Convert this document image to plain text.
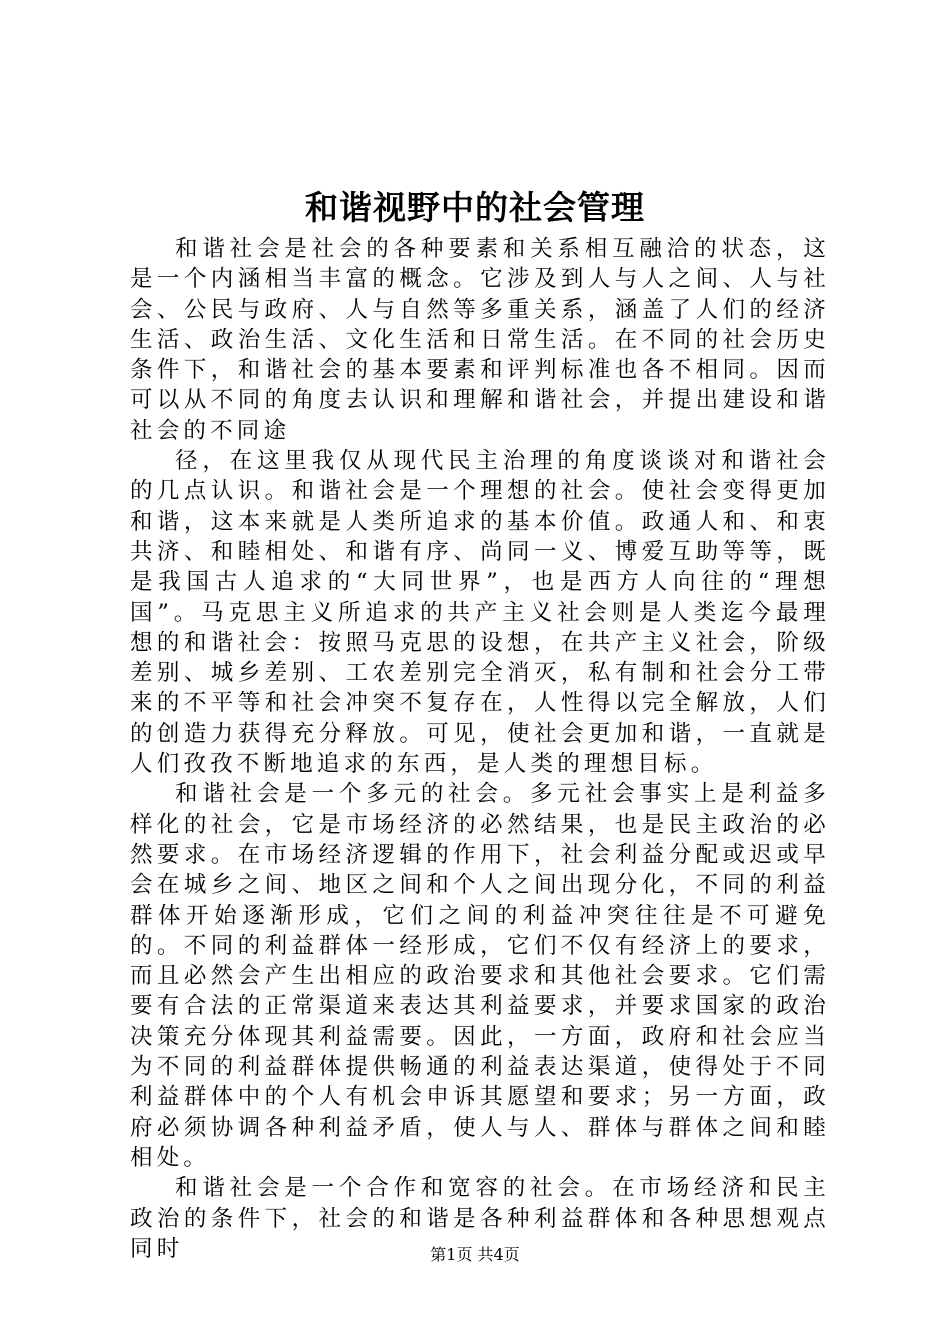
和谐视野中的社会管理

和谐社会是社会的各种要素和关系相互融洽的状态，这是一个内涵相当丰富的概念。它涉及到人与人之间、人与社会、公民与政府、人与自然等多重关系，涵盖了人们的经济生活、政治生活、文化生活和日常生活。在不同的社会历史条件下，和谐社会的基本要素和评判标准也各不相同。因而可以从不同的角度去认识和理解和谐社会，并提出建设和谐社会的不同途

径，在这里我仅从现代民主治理的角度谈谈对和谐社会的几点认识。和谐社会是一个理想的社会。使社会变得更加和谐，这本来就是人类所追求的基本价值。政通人和、和衷共济、和睦相处、和谐有序、尚同一义、博爱互助等等，既是我国古人追求的“大同世界”，也是西方人向往的“理想国”。马克思主义所追求的共产主义社会则是人类迄今最理想的和谐社会：按照马克思的设想，在共产主义社会，阶级差别、城乡差别、工农差别完全消灭，私有制和社会分工带来的不平等和社会冲突不复存在，人性得以完全解放，人们的创造力获得充分释放。可见，使社会更加和谐，一直就是人们孜孜不断地追求的东西，是人类的理想目标。

和谐社会是一个多元的社会。多元社会事实上是利益多样化的社会，它是市场经济的必然结果，也是民主政治的必然要求。在市场经济逻辑的作用下，社会利益分配或迟或早会在城乡之间、地区之间和个人之间出现分化，不同的利益群体开始逐渐形成，它们之间的利益冲突往往是不可避免的。不同的利益群体一经形成，它们不仅有经济上的要求，而且必然会产生出相应的政治要求和其他社会要求。它们需要有合法的正常渠道来表达其利益要求，并要求国家的政治决策充分体现其利益需要。因此，一方面，政府和社会应当为不同的利益群体提供畅通的利益表达渠道，使得处于不同利益群体中的个人有机会申诉其愿望和要求；另一方面，政府必须协调各种利益矛盾，使人与人、群体与群体之间和睦相处。

和谐社会是一个合作和宽容的社会。在市场经济和民主政治的条件下，社会的和谐是各种利益群体和各种思想观点同时	第1页 共4页
